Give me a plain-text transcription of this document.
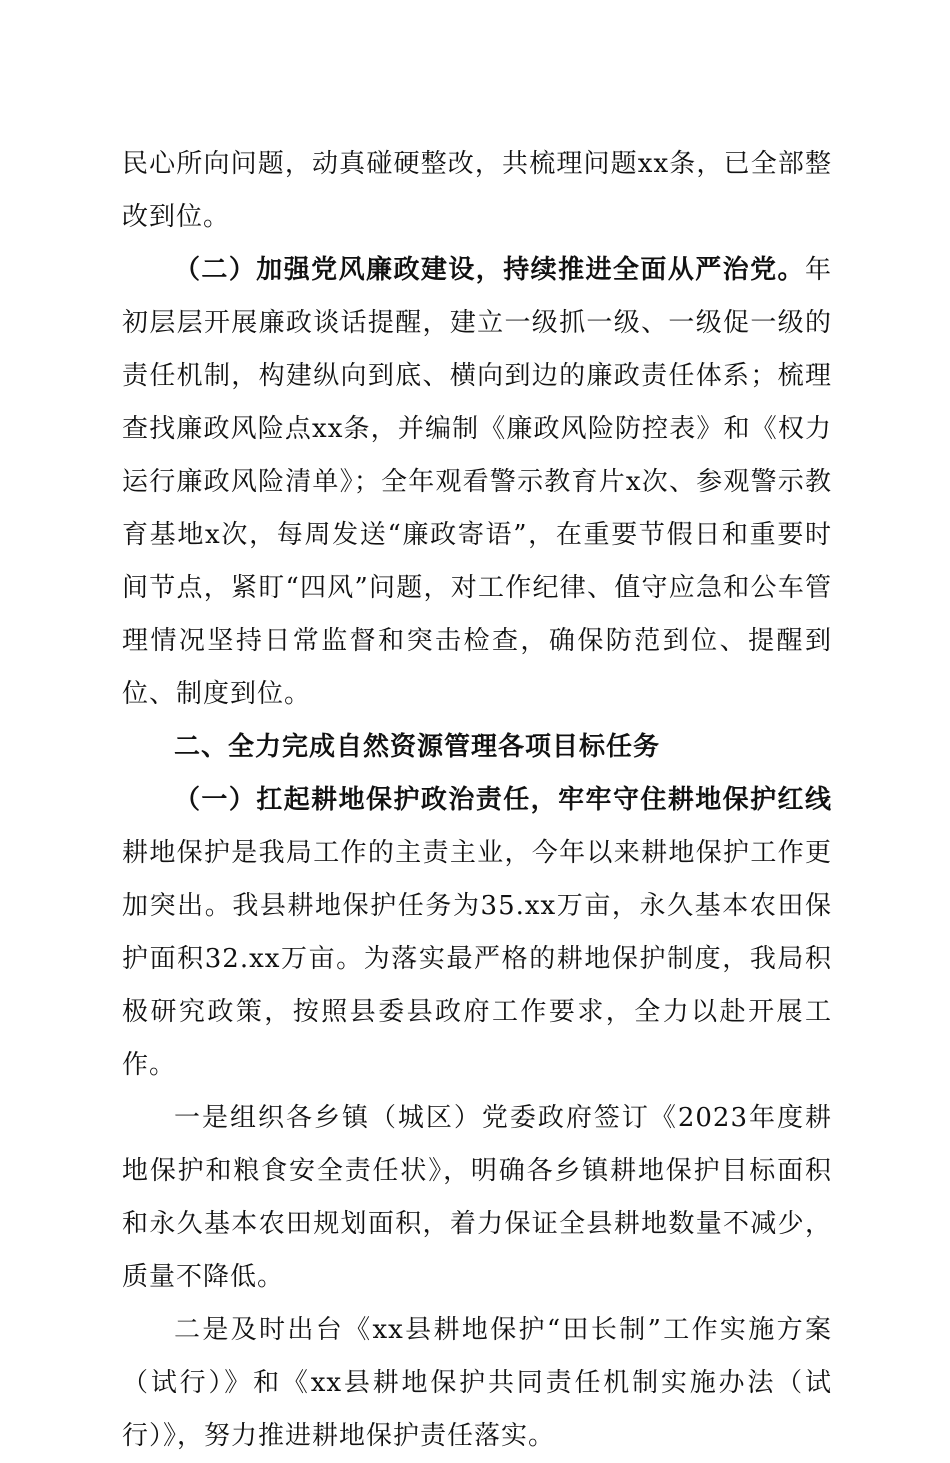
民心所向问题，动真碰硬整改，共梳理问题xx条，已全部整改到位。

（二）加强党风廉政建设，持续推进全面从严治党。年初层层开展廉政谈话提醒，建立一级抓一级、一级促一级的责任机制，构建纵向到底、横向到边的廉政责任体系；梳理查找廉政风险点xx条，并编制《廉政风险防控表》和《权力运行廉政风险清单》；全年观看警示教育片x次、参观警示教育基地x次，每周发送“廉政寄语”，在重要节假日和重要时间节点，紧盯“四风”问题，对工作纪律、值守应急和公车管理情况坚持日常监督和突击检查，确保防范到位、提醒到位、制度到位。

二、全力完成自然资源管理各项目标任务

（一）扛起耕地保护政治责任，牢牢守住耕地保护红线耕地保护是我局工作的主责主业，今年以来耕地保护工作更加突出。我县耕地保护任务为35.xx万亩，永久基本农田保护面积32.xx万亩。为落实最严格的耕地保护制度，我局积极研究政策，按照县委县政府工作要求，全力以赴开展工作。

一是组织各乡镇（城区）党委政府签订《2023年度耕地保护和粮食安全责任状》，明确各乡镇耕地保护目标面积和永久基本农田规划面积，着力保证全县耕地数量不减少，质量不降低。

二是及时出台《xx县耕地保护“田长制”工作实施方案（试行）》和《xx县耕地保护共同责任机制实施办法（试行）》，努力推进耕地保护责任落实。
